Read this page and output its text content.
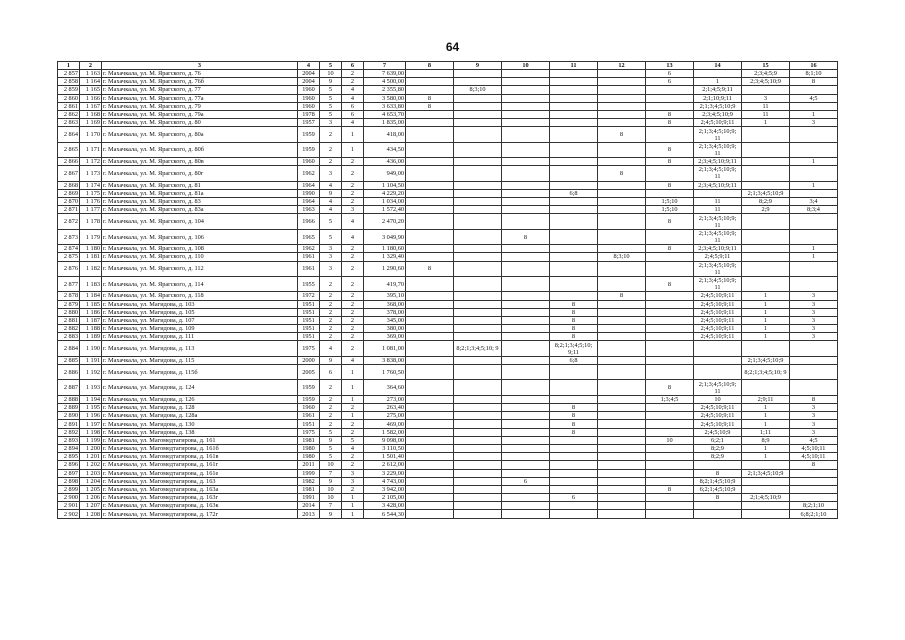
64
1	2	3	4	5	6	7	8	9	10	11	12	13	14	15	16
2 857	1 163	г. Махачкала, ул. М. Ярагского, д. 76	2004	10	2	7 639,00						6		2;3;4;5;9	8;1;10
2 858	1 164	г. Махачкала, ул. М. Ярагского, д. 76б	2004	9	2	4 500,00						6	1	2;3;4;5;10;9	8
2 859	1 165	г. Махачкала, ул. М. Ярагского, д. 77	1960	5	4	2 355,80		8;3;10					2;1;4;5;9;11		
2 860	1 166	г. Махачкала, ул. М. Ярагского, д. 77а	1960	5	4	3 580,00	8						2;1;10;9;11	3	4;5
2 861	1 167	г. Махачкала, ул. М. Ярагского, д. 79	1960	5	6	3 633,80	8						2;1;3;4;5;10;9	11	
2 862	1 168	г. Махачкала, ул. М. Ярагского, д. 79а	1978	5	6	4 653,70						8	2;3;4;5;10;9	11	1
2 863	1 169	г. Махачкала, ул. М. Ярагского, д. 80	1957	3	4	1 835,00						8	2;4;5;10;9;11	1	3
2 864	1 170	г. Махачкала, ул. М. Ярагского, д. 80а	1959	2	1	418,00					8		2;1;3;4;5;10;9; 11		
2 865	1 171	г. Махачкала, ул. М. Ярагского, д. 80б	1959	2	1	434,50						8	2;1;3;4;5;10;9; 11		
2 866	1 172	г. Махачкала, ул. М. Ярагского, д. 80в	1960	2	2	436,00						8	2;3;4;5;10;9;11		1
2 867	1 173	г. Махачкала, ул. М. Ярагского, д. 80г	1962	3	2	949,00					8		2;1;3;4;5;10;9; 11		
2 868	1 174	г. Махачкала, ул. М. Ярагского, д. 81	1964	4	2	1 104,50						8	2;3;4;5;10;9;11		1
2 869	1 175	г. Махачкала, ул. М. Ярагского, д. 81а	1990	9	2	4 229,20				6;8				2;1;3;4;5;10;9	
2 870	1 176	г. Махачкала, ул. М. Ярагского, д. 83	1964	4	2	1 034,00						1;5;10	11	8;2;9	3;4
2 871	1 177	г. Махачкала, ул. М. Ярагского, д. 83а	1963	4	3	1 572,40						1;5;10	11	2;9	8;3;4
2 872	1 178	г. Махачкала, ул. М. Ярагского, д. 104	1966	5	4	2 470,20						8	2;1;3;4;5;10;9; 11		
2 873	1 179	г. Махачкала, ул. М. Ярагского, д. 106	1965	5	4	3 049,90			8				2;1;3;4;5;10;9; 11		
2 874	1 180	г. Махачкала, ул. М. Ярагского, д. 108	1962	3	2	1 180,60						8	2;3;4;5;10;9;11		1
2 875	1 181	г. Махачкала, ул. М. Ярагского, д. 110	1961	3	2	1 329,40					8;3;10		2;4;5;9;11		1
2 876	1 182	г. Махачкала, ул. М. Ярагского, д. 112	1961	3	2	1 290,60	8						2;1;3;4;5;10;9; 11		
2 877	1 183	г. Махачкала, ул. М. Ярагского, д. 114	1955	2	2	419,70						8	2;1;3;4;5;10;9; 11		
2 878	1 184	г. Махачкала, ул. М. Ярагского, д. 118	1972	2	2	395,10					8		2;4;5;10;9;11	1	3
2 879	1 185	г. Махачкала, ул. Магидова, д. 103	1951	2	2	368,00				8			2;4;5;10;9;11	1	3
2 880	1 186	г. Махачкала, ул. Магидова, д. 105	1951	2	2	378,00				8			2;4;5;10;9;11	1	3
2 881	1 187	г. Махачкала, ул. Магидова, д. 107	1951	2	2	345,00				8			2;4;5;10;9;11	1	3
2 882	1 188	г. Махачкала, ул. Магидова, д. 109	1951	2	2	380,00				8			2;4;5;10;9;11	1	3
2 883	1 189	г. Махачкала, ул. Магидова, д. 111	1951	2	2	369,00				8			2;4;5;10;9;11	1	3
2 884	1 190	г. Махачкала, ул. Магидова, д. 113	1975	4	2	1 081,00		8;2;1;3;4;5;10; 9		8;2;1;3;4;5;10; 9;11					
2 885	1 191	г. Махачкала, ул. Магидова, д. 115	2000	9	4	3 838,00				6;8				2;1;3;4;5;10;9	
2 886	1 192	г. Махачкала, ул. Магидова, д. 115б	2005	6	1	1 760,50								8;2;1;3;4;5;10; 9	
2 887	1 193	г. Махачкала, ул. Магидова, д. 124	1959	2	1	364,60						8	2;1;3;4;5;10;9; 11		
2 888	1 194	г. Махачкала, ул. Магидова, д. 126	1959	2	1	273,00						1;3;4;5	10	2;9;11	8
2 889	1 195	г. Махачкала, ул. Магидова, д. 128	1960	2	2	263,40				8			2;4;5;10;9;11	1	3
2 890	1 196	г. Махачкала, ул. Магидова, д. 128а	1961	2	1	275,00				8			2;4;5;10;9;11	1	3
2 891	1 197	г. Махачкала, ул. Магидова, д. 130	1951	2	2	469,00				8			2;4;5;10;9;11	1	3
2 892	1 198	г. Махачкала, ул. Магидова, д. 138	1975	5	2	1 582,00				8			2;4;5;10;9	1;11	3
2 893	1 199	г. Махачкала, ул. Магомедтагирова, д. 161	1981	9	5	9 098,00						10	6;2;1	8;9	4;5
2 894	1 200	г. Махачкала, ул. Магомедтагирова, д. 161б	1980	5	4	3 110,50							8;2;9	1	4;5;10;11
2 895	1 201	г. Махачкала, ул. Магомедтагирова, д. 161в	1980	5	2	1 501,40							8;2;9	1	4;5;10;11
2 896	1 202	г. Махачкала, ул. Магомедтагирова, д. 161г	2011	10	2	2 612,00									8
2 897	1 203	г. Махачкала, ул. Магомедтагирова, д. 161е	1999	7	3	3 229,00							8	2;1;3;4;5;10;9	
2 898	1 204	г. Махачкала, ул. Магомедтагирова, д. 163	1982	9	3	4 743,00			6				8;2;1;4;5;10;9		
2 899	1 205	г. Махачкала, ул. Магомедтагирова, д. 163а	1981	10	2	3 942,00						8	6;2;1;4;5;10;9		
2 900	1 206	г. Махачкала, ул. Магомедтагирова, д. 163г	1991	10	1	2 105,00				6			8	2;1;4;5;10;9	
2 901	1 207	г. Махачкала, ул. Магомедтагирова, д. 163к	2014	7	1	3 428,00									8;2;1;10
2 902	1 208	г. Махачкала, ул. Магомедтагирова, д. 172г	2013	9	1	6 544,30									6;8;2;1;10
